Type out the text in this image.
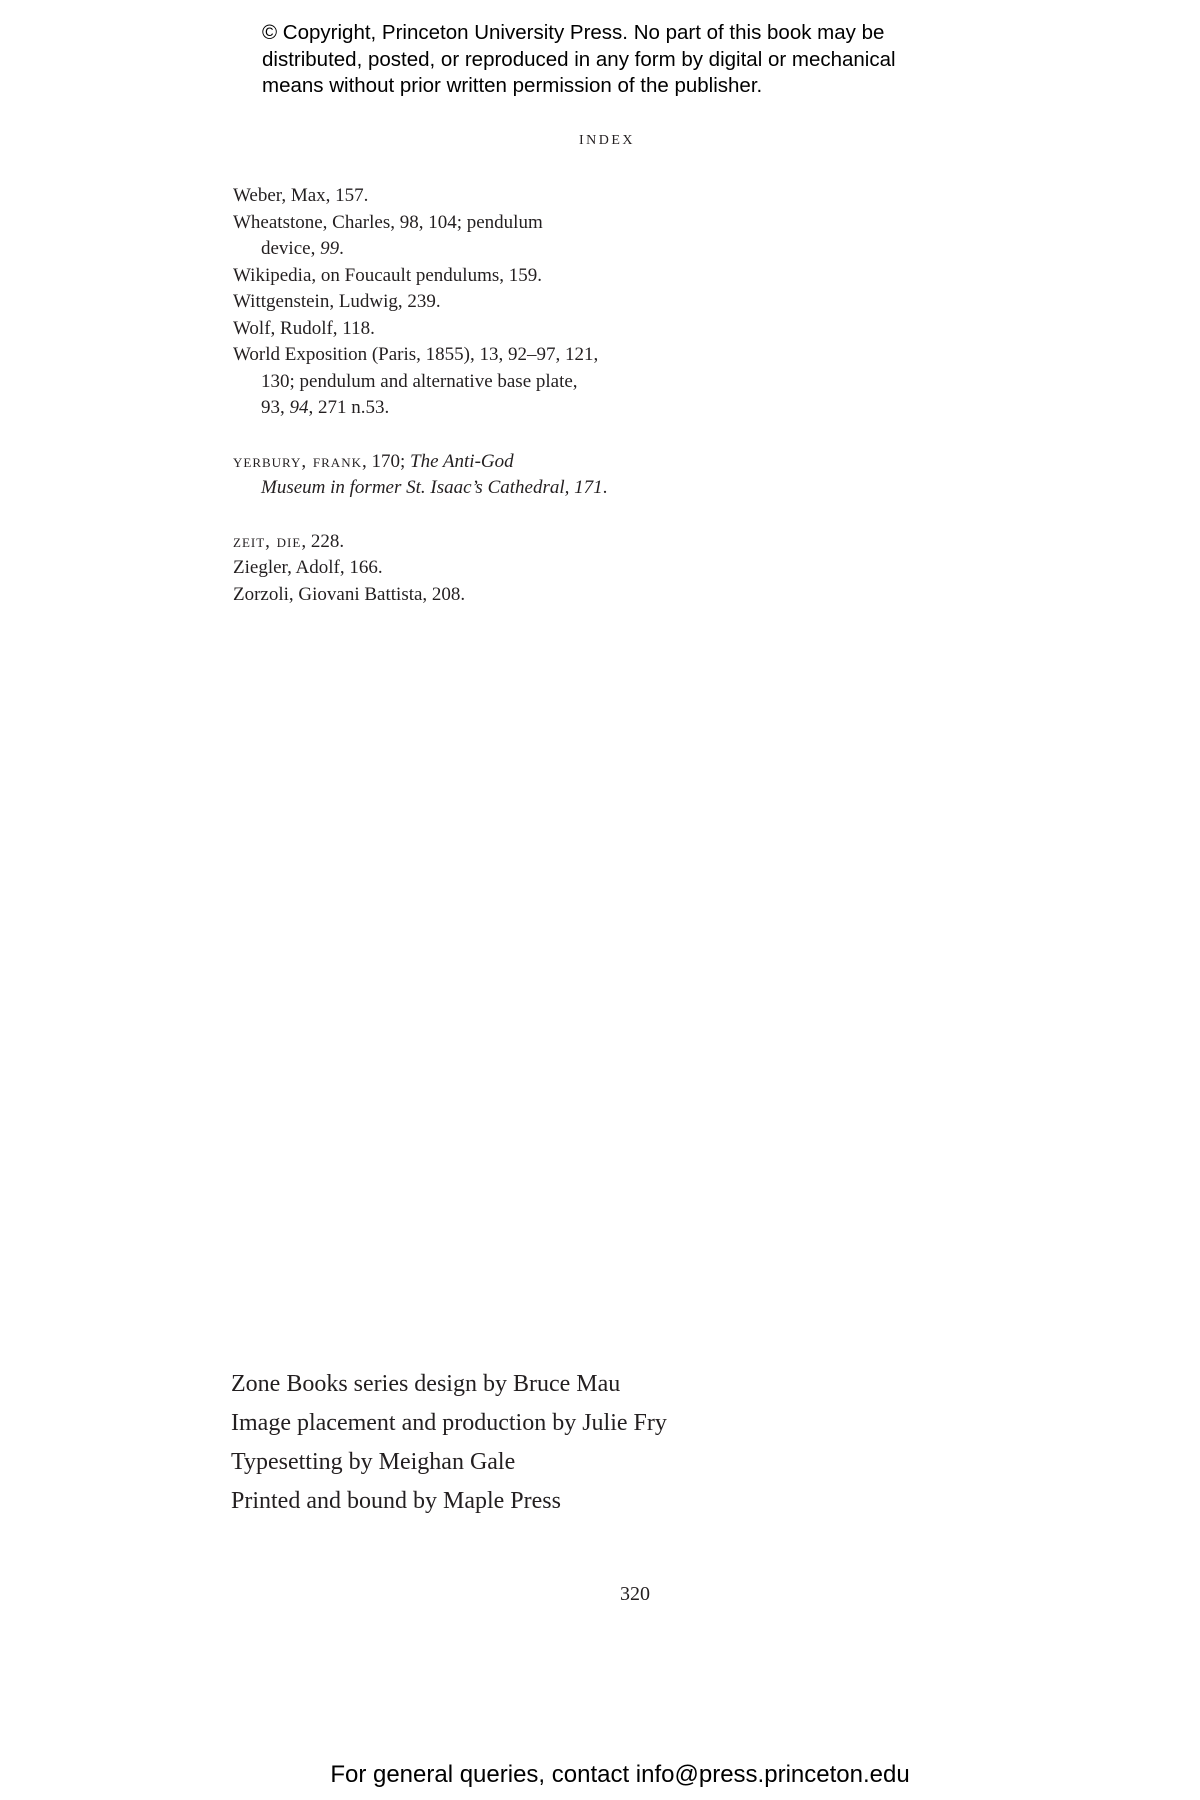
© Copyright, Princeton University Press. No part of this book may be
distributed, posted, or reproduced in any form by digital or mechanical
means without prior written permission of the publisher.
INDEX
Weber, Max, 157.
Wheatstone, Charles, 98, 104; pendulum
device, 99.
Wikipedia, on Foucault pendulums, 159.
Wittgenstein, Ludwig, 239.
Wolf, Rudolf, 118.
World Exposition (Paris, 1855), 13, 92–97, 121,
130; pendulum and alternative base plate,
93, 94, 271 n.53.
yerbury, frank, 170; The Anti-God
Museum in former St. Isaac’s Cathedral, 171.
zeit, die, 228.
Ziegler, Adolf, 166.
Zorzoli, Giovani Battista, 208.
Zone Books series design by Bruce Mau
Image placement and production by Julie Fry
Typesetting by Meighan Gale
Printed and bound by Maple Press
320
For general queries, contact info@press.princeton.edu
